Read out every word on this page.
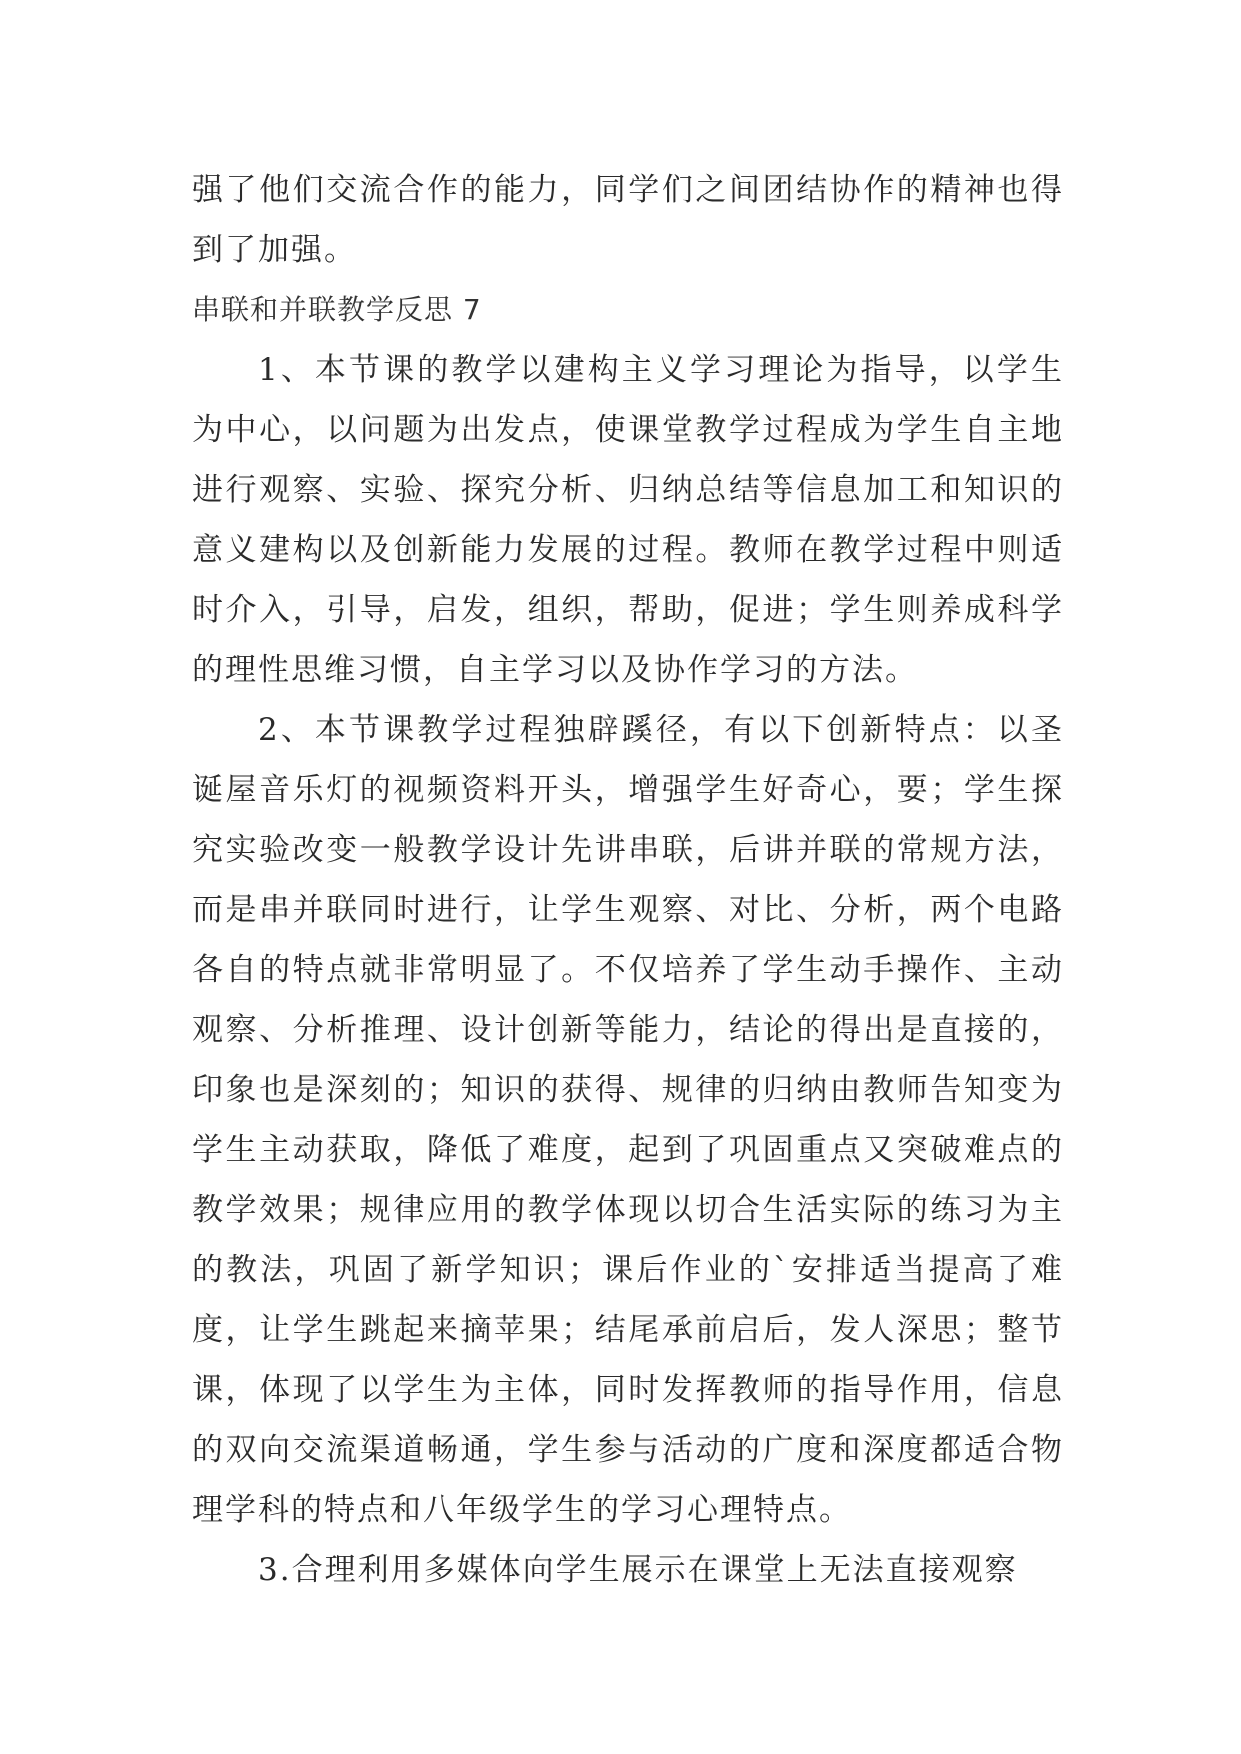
强了他们交流合作的能力，同学们之间团结协作的精神也得
到了加强。
串联和并联教学反思 7
1、本节课的教学以建构主义学习理论为指导，以学生
为中心，以问题为出发点，使课堂教学过程成为学生自主地
进行观察、实验、探究分析、归纳总结等信息加工和知识的
意义建构以及创新能力发展的过程。教师在教学过程中则适
时介入，引导，启发，组织，帮助，促进；学生则养成科学
的理性思维习惯，自主学习以及协作学习的方法。
2、本节课教学过程独辟蹊径，有以下创新特点：以圣
诞屋音乐灯的视频资料开头，增强学生好奇心，要；学生探
究实验改变一般教学设计先讲串联，后讲并联的常规方法，
而是串并联同时进行，让学生观察、对比、分析，两个电路
各自的特点就非常明显了。不仅培养了学生动手操作、主动
观察、分析推理、设计创新等能力，结论的得出是直接的，
印象也是深刻的；知识的获得、规律的归纳由教师告知变为
学生主动获取，降低了难度，起到了巩固重点又突破难点的
教学效果；规律应用的教学体现以切合生活实际的练习为主
的教法，巩固了新学知识；课后作业的`安排适当提高了难
度，让学生跳起来摘苹果；结尾承前启后，发人深思；整节
课，体现了以学生为主体，同时发挥教师的指导作用，信息
的双向交流渠道畅通，学生参与活动的广度和深度都适合物
理学科的特点和八年级学生的学习心理特点。
3.合理利用多媒体向学生展示在课堂上无法直接观察
